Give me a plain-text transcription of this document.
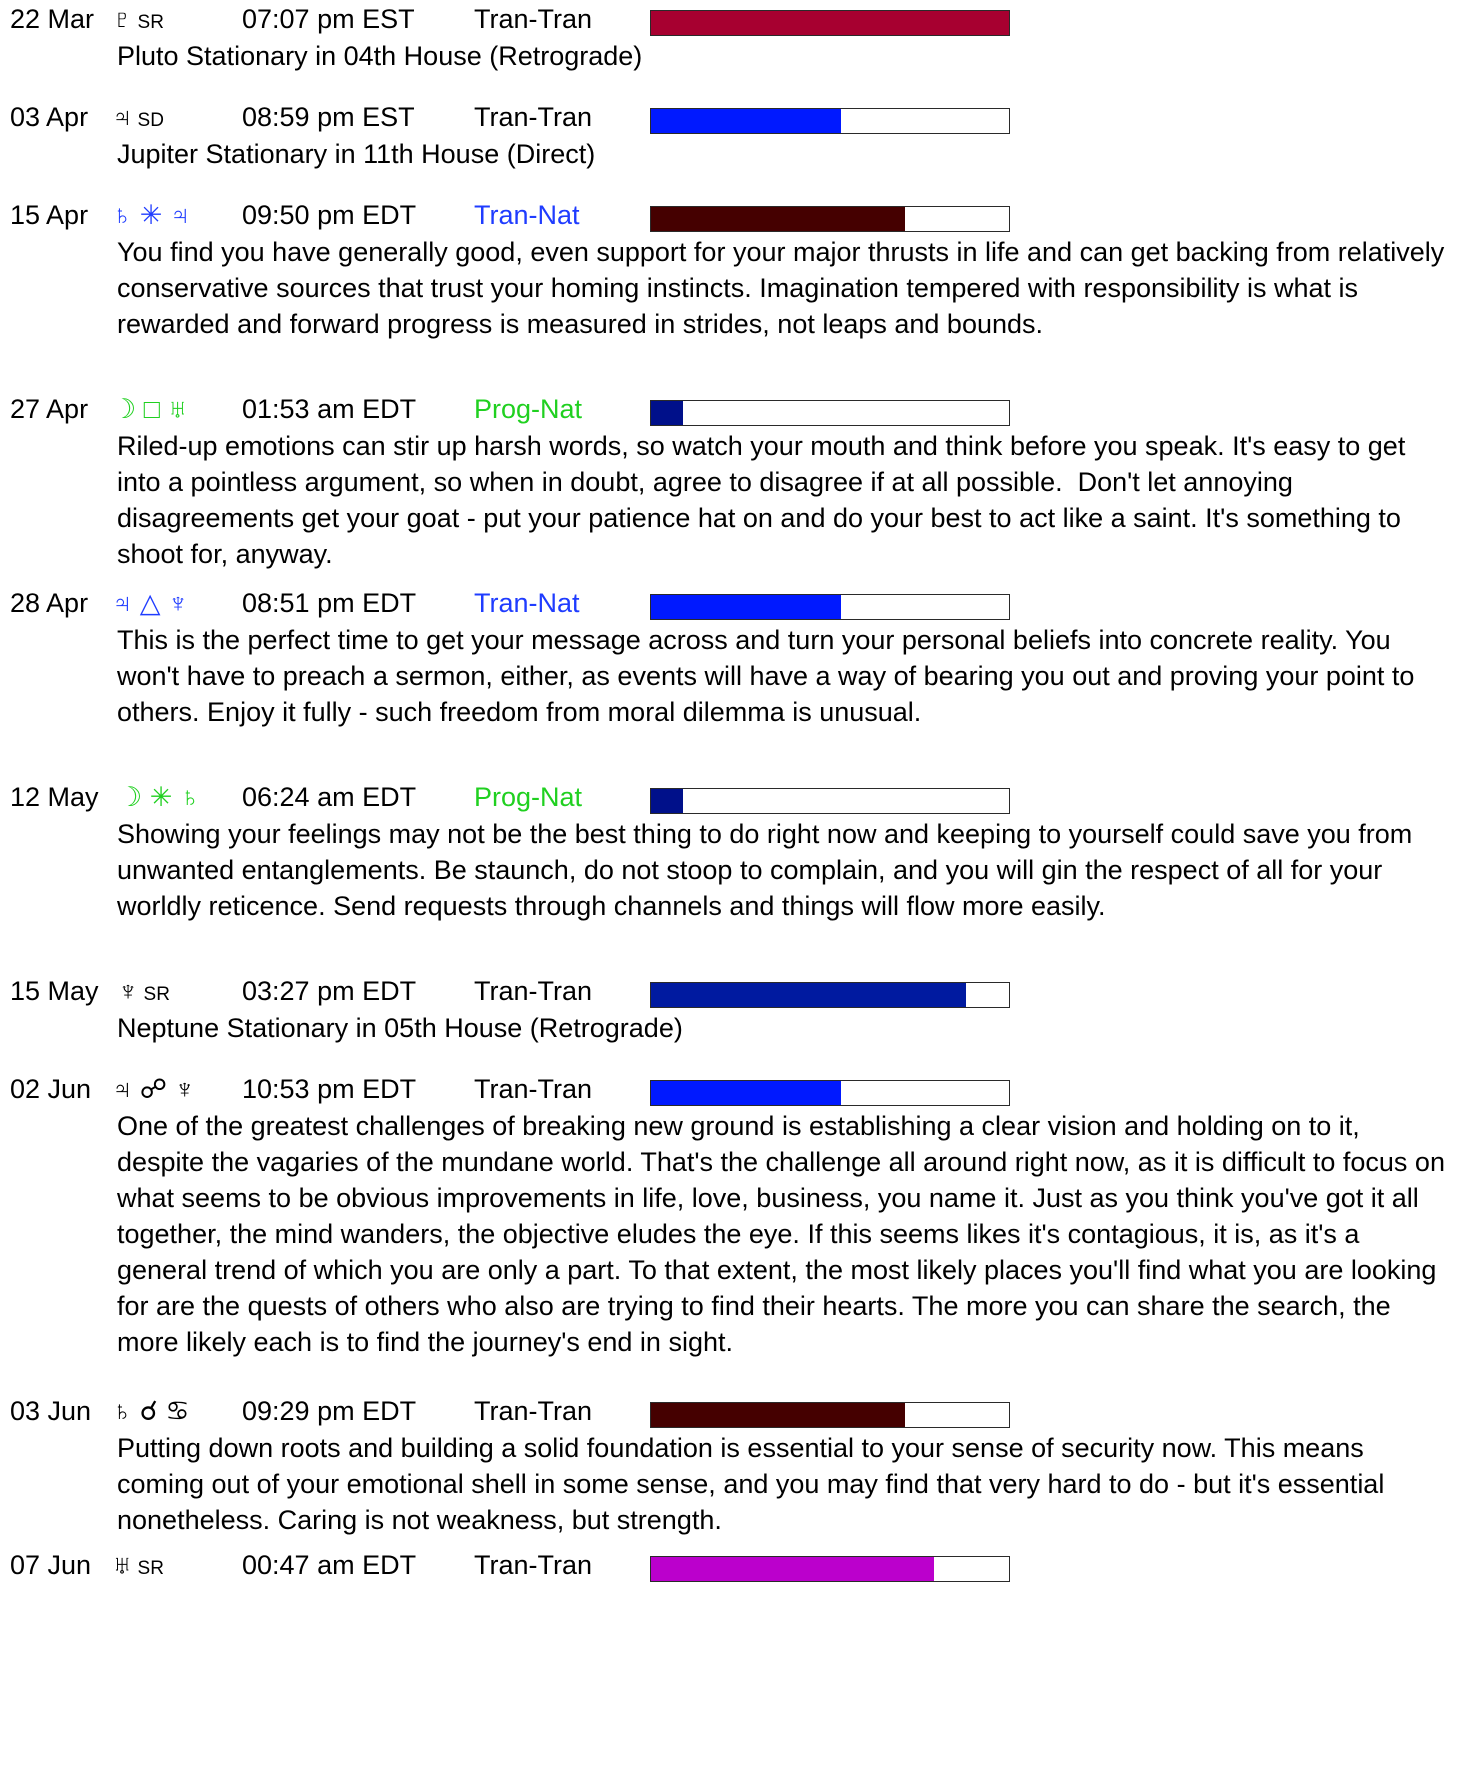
22 Mar ♇ SR	07:07 pm EST Tran-Tran
Pluto Stationary in 04th House (Retrograde)
03 Apr ♃ SD	08:59 pm EST Tran-Tran
Jupiter Stationary in 11th House (Direct)
15 Apr ♄ ✳ ♃ 09:50 pm EDT Tran-Nat
You find you have generally good, even support for your major thrusts in life and can get backing from relatively conservative sources that trust your homing instincts. Imagination tempered with responsibility is what is rewarded and forward progress is measured in strides, not leaps and bounds.
27 Apr ☽ □ ♅ 01:53 am EDT Prog-Nat
Riled-up emotions can stir up harsh words, so watch your mouth and think before you speak. It's easy to get into a pointless argument, so when in doubt, agree to disagree if at all possible.  Don't let annoying disagreements get your goat - put your patience hat on and do your best to act like a saint. It's something to shoot for, anyway.
28 Apr ♃ △ ♆ 08:51 pm EDT Tran-Nat
This is the perfect time to get your message across and turn your personal beliefs into concrete reality. You won't have to preach a sermon, either, as events will have a way of bearing you out and proving your point to others. Enjoy it fully - such freedom from moral dilemma is unusual.
12 May ☽ ✳ ♄ 06:24 am EDT Prog-Nat
Showing your feelings may not be the best thing to do right now and keeping to yourself could save you from unwanted entanglements. Be staunch, do not stoop to complain, and you will gin the respect of all for your worldly reticence. Send requests through channels and things will flow more easily.
15 May ♆ SR	03:27 pm EDT Tran-Tran
Neptune Stationary in 05th House (Retrograde)
02 Jun ♃ ☍ ♆ 10:53 pm EDT Tran-Tran
One of the greatest challenges of breaking new ground is establishing a clear vision and holding on to it, despite the vagaries of the mundane world. That's the challenge all around right now, as it is difficult to focus on what seems to be obvious improvements in life, love, business, you name it. Just as you think you've got it all together, the mind wanders, the objective eludes the eye. If this seems likes it's contagious, it is, as it's a general trend of which you are only a part. To that extent, the most likely places you'll find what you are looking for are the quests of others who also are trying to find their hearts. The more you can share the search, the more likely each is to find the journey's end in sight.
03 Jun ♄ ☌ ♋ 09:29 pm EDT Tran-Tran
Putting down roots and building a solid foundation is essential to your sense of security now. This means coming out of your emotional shell in some sense, and you may find that very hard to do - but it's essential nonetheless. Caring is not weakness, but strength.
07 Jun ♅ SR	00:47 am EDT Tran-Tran
